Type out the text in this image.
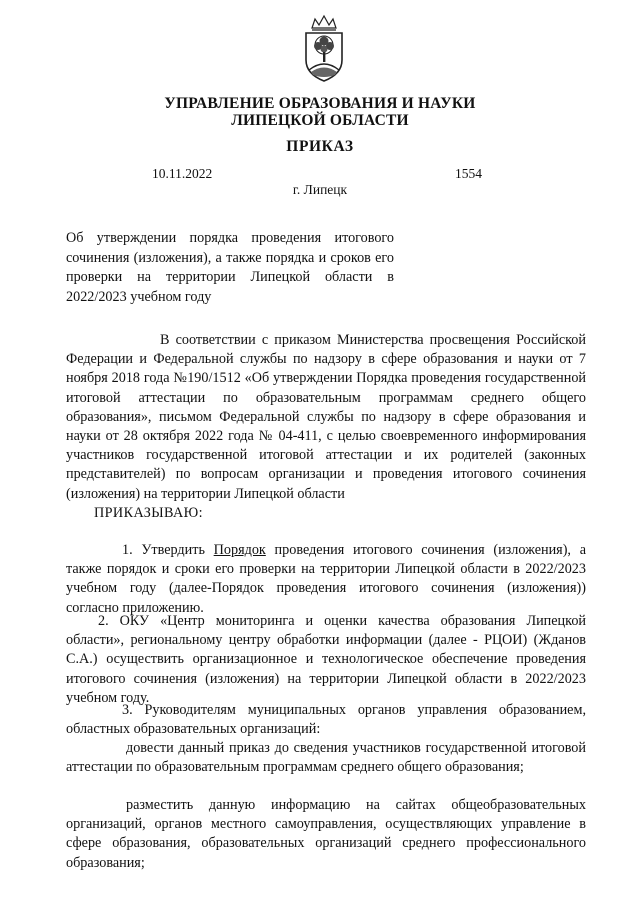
УПРАВЛЕНИЕ ОБРАЗОВАНИЯ И НАУКИ
ЛИПЕЦКОЙ ОБЛАСТИ
ПРИКАЗ
10.11.2022	1554
г. Липецк
Об утверждении порядка проведения итогового сочинения (изложения), а также порядка и сроков его проверки на территории Липецкой области в 2022/2023 учебном году
В соответствии с приказом Министерства просвещения Российской Федерации и Федеральной службы по надзору в сфере образования и науки от 7 ноября 2018 года №190/1512 «Об утверждении Порядка проведения государственной итоговой аттестации по образовательным программам среднего общего образования», письмом Федеральной службы по надзору в сфере образования и науки от 28 октября 2022 года № 04-411, с целью своевременного информирования участников государственной итоговой аттестации и их родителей (законных представителей) по вопросам организации и проведения итогового сочинения (изложения) на территории Липецкой области
ПРИКАЗЫВАЮ:
1. Утвердить Порядок проведения итогового сочинения (изложения), а также порядок и сроки его проверки на территории Липецкой области в 2022/2023 учебном году (далее-Порядок проведения итогового сочинения (изложения)) согласно приложению.
2. ОКУ «Центр мониторинга и оценки качества образования Липецкой области», региональному центру обработки информации (далее - РЦОИ) (Жданов С.А.) осуществить организационное и технологическое обеспечение проведения итогового сочинения (изложения) на территории Липецкой области в 2022/2023 учебном году.
3. Руководителям муниципальных органов управления образованием, областных образовательных организаций:
довести данный приказ до сведения участников государственной итоговой аттестации по образовательным программам среднего общего образования;
разместить данную информацию на сайтах общеобразовательных организаций, органов местного самоуправления, осуществляющих управление в сфере образования, образовательных организаций среднего профессионального образования;
